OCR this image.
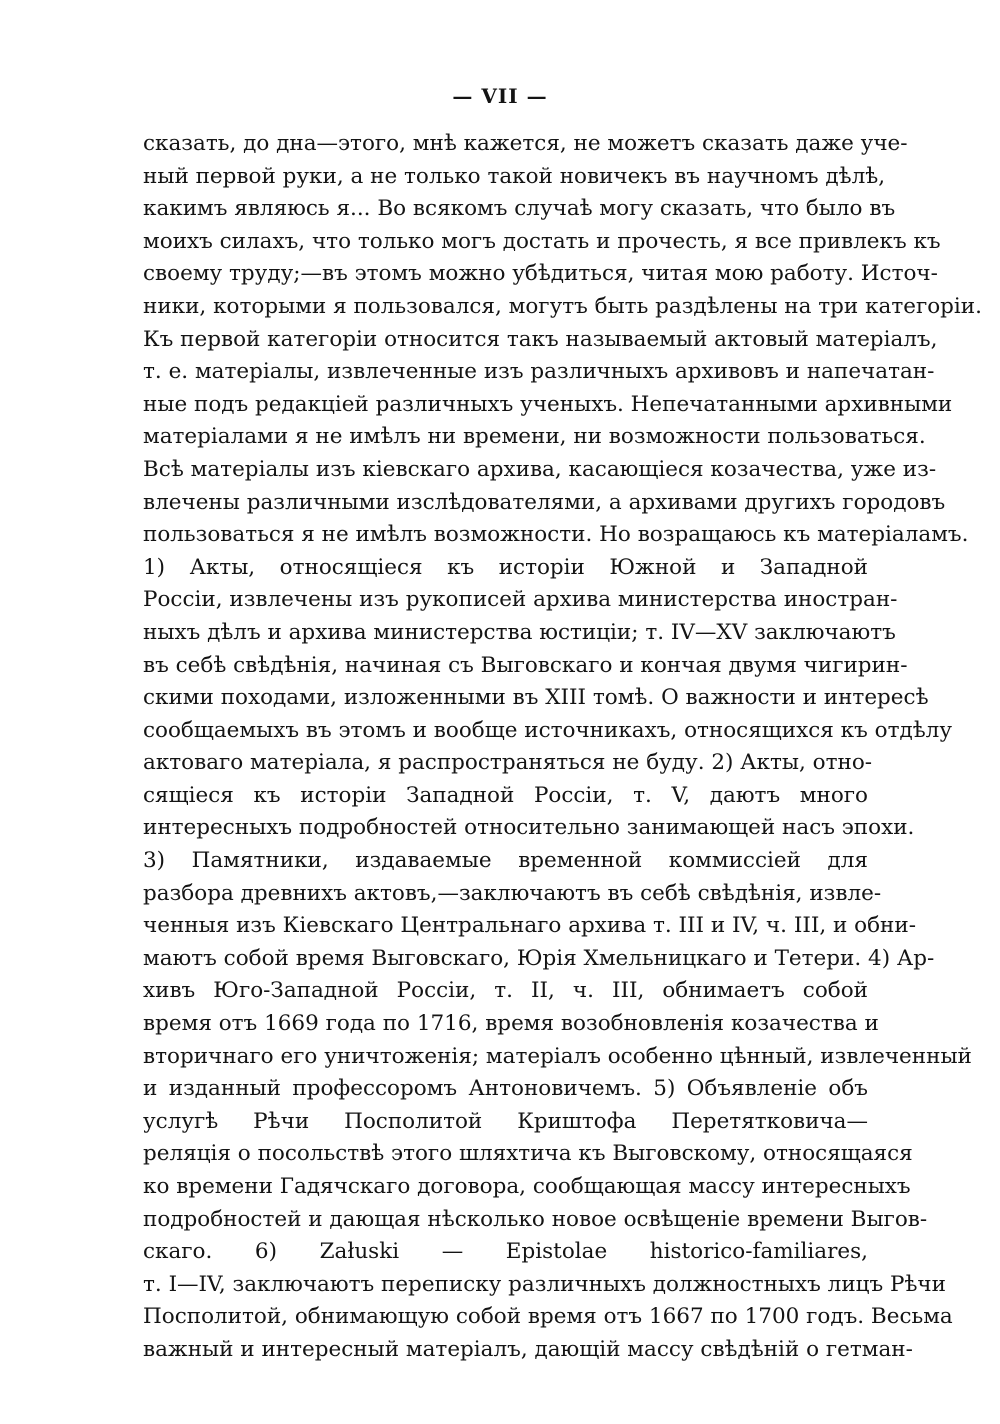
— VII —
сказать, до дна—этого, мнѣ кажется, не можетъ сказать даже уче-
ный первой руки, а не только такой новичекъ въ научномъ дѣлѣ,
какимъ являюсь я... Во всякомъ случаѣ могу сказать, что было въ
моихъ силахъ, что только могъ достать и прочесть, я все привлекъ къ
своему труду;—въ этомъ можно убѣдиться, читая мою работу. Источ-
ники, которыми я пользовался, могутъ быть раздѣлены на три категоріи.
Къ первой категоріи относится такъ называемый актовый матеріалъ,
т. е. матеріалы, извлеченные изъ различныхъ архивовъ и напечатан-
ные подъ редакціей различныхъ ученыхъ. Непечатанными архивными
матеріалами я не имѣлъ ни времени, ни возможности пользоваться.
Всѣ матеріалы изъ кіевскаго архива, касающіеся козачества, уже из-
влечены различными изслѣдователями, а архивами другихъ городовъ
пользоваться я не имѣлъ возможности. Но возращаюсь къ матеріаламъ.
1) Акты, относящіеся къ исторіи Южной и Западной
Россіи, извлечены изъ рукописей архива министерства иностран-
ныхъ дѣлъ и архива министерства юстиціи; т. IV—XV заключаютъ
въ себѣ свѣдѣнія, начиная съ Выговскаго и кончая двумя чигирин-
скими походами, изложенными въ XIII томѣ. О важности и интересѣ
сообщаемыхъ въ этомъ и вообще источникахъ, относящихся къ отдѣлу
актоваго матеріала, я распространяться не буду. 2) Акты, отно-
сящіеся къ исторіи Западной Россіи, т. V, даютъ много
интересныхъ подробностей относительно занимающей насъ эпохи.
3) Памятники, издаваемые временной коммиссіей для
разбора древнихъ актовъ,—заключаютъ въ себѣ свѣдѣнія, извле-
ченныя изъ Кіевскаго Центральнаго архива т. III и IV, ч. III, и обни-
маютъ собой время Выговскаго, Юрія Хмельницкаго и Тетери. 4) Ар-
хивъ Юго-Западной Россіи, т. II, ч. III, обнимаетъ собой
время отъ 1669 года по 1716, время возобновленія козачества и
вторичнаго его уничтоженія; матеріалъ особенно цѣнный, извлеченный
и изданный профессоромъ Антоновичемъ. 5) Объявленіе объ
услугѣ Рѣчи Посполитой Криштофа Перетятковича—
реляція о посольствѣ этого шляхтича къ Выговскому, относящаяся
ко времени Гадячскаго договора, сообщающая массу интересныхъ
подробностей и дающая нѣсколько новое освѣщеніе времени Выгов-
скаго. 6) Załuski — Epistolae historico-familiares,
т. I—IV, заключаютъ переписку различныхъ должностныхъ лицъ Рѣчи
Посполитой, обнимающую собой время отъ 1667 по 1700 годъ. Весьма
важный и интересный матеріалъ, дающій массу свѣдѣній о гетман-
